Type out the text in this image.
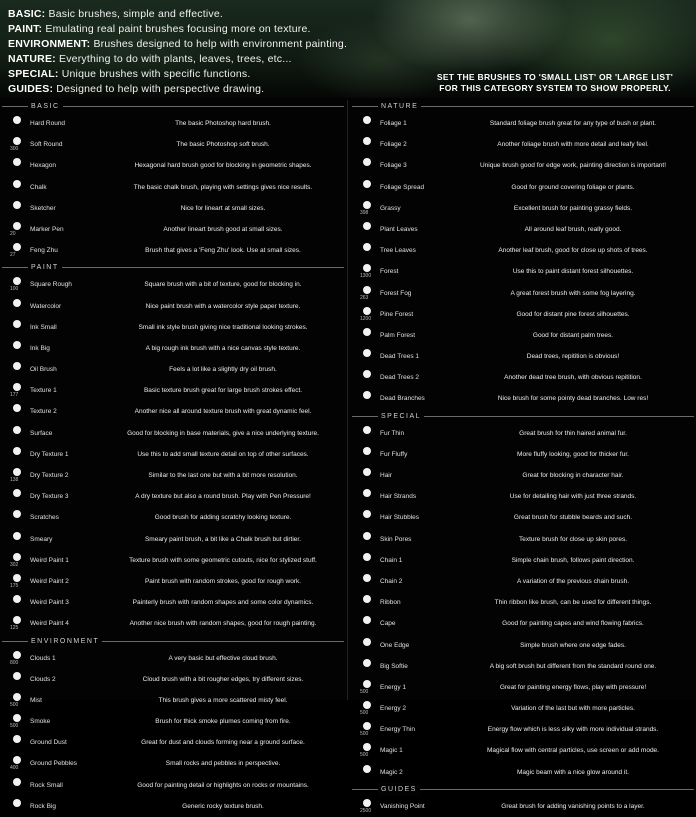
BASIC: Basic brushes, simple and effective.
PAINT: Emulating real paint brushes focusing more on texture.
ENVIRONMENT: Brushes designed to help with environment painting.
NATURE: Everything to do with plants, leaves, trees, etc...
SPECIAL: Unique brushes with specific functions.
GUIDES: Designed to help with perspective drawing.
SET THE BRUSHES TO 'SMALL LIST' OR 'LARGE LIST'
FOR THIS CATEGORY SYSTEM TO SHOW PROPERLY.
BASIC
Hard Round	The basic Photoshop hard brush.
300
Soft Round	The basic Photoshop soft brush.
Hexagon	Hexagonal hard brush good for blocking in geometric shapes.
Chalk	The basic chalk brush, playing with settings gives nice results.
Sketcher	Nice for lineart at small sizes.
20
Marker Pen	Another lineart brush good at small sizes.
27
Feng Zhu	Brush that gives a 'Feng Zhu' look. Use at small sizes.
PAINT
100
Square Rough	Square brush with a bit of texture, good for blocking in.
Watercolor	Nice paint brush with a watercolor style paper texture.
Ink Small	Small ink style brush giving nice traditional looking strokes.
Ink Big	A big rough ink brush with a nice canvas style texture.
Oil Brush	Feels a lot like a slightly dry oil brush.
177
Texture 1	Basic texture brush great for large brush strokes effect.
Texture 2	Another nice all around texture brush with great dynamic feel.
Surface	Good for blocking in base materials, give a nice underlying texture.
Dry Texture 1	Use this to add small texture detail on top of other surfaces.
138
Dry Texture 2	Similar to the last one but with a bit more resolution.
Dry Texture 3	A dry texture but also a round brush. Play with Pen Pressure!
Scratches	Good brush for adding scratchy looking texture.
Smeary	Smeary paint brush, a bit like a Chalk brush but dirtier.
302
Weird Paint 1	Texture brush with some geometric cutouts, nice for stylized stuff.
175
Weird Paint 2	Paint brush with random strokes, good for rough work.
Weird Paint 3	Painterly brush with random shapes and some color dynamics.
125
Weird Paint 4	Another nice brush with random shapes, good for rough painting.
ENVIRONMENT
800
Clouds 1	A very basic but effective cloud brush.
Clouds 2	Cloud brush with a bit rougher edges, try different sizes.
500
Mist	This brush gives a more scattered misty feel.
500
Smoke	Brush for thick smoke plumes coming from fire.
Ground Dust	Great for dust and clouds forming near a ground surface.
400
Ground Pebbles	Small rocks and pebbles in perspective.
Rock Small	Good for painting detail or highlights on rocks or mountains.
Rock Big	Generic rocky texture brush.
NATURE
Foliage 1	Standard foliage brush great for any type of bush or plant.
Foliage 2	Another foliage brush with more detail and leafy feel.
Foliage 3	Unique brush good for edge work, painting direction is important!
Foliage Spread	Good for ground covering foliage or plants.
398
Grassy	Excellent brush for painting grassy fields.
Plant Leaves	All around leaf brush, really good.
Tree Leaves	Another leaf brush, good for close up shots of trees.
1300
Forest	Use this to paint distant forest silhouettes.
263
Forest Fog	A great forest brush with some fog layering.
1200
Pine Forest	Good for distant pine forest silhouettes.
Palm Forest	Good for distant palm trees.
Dead Trees 1	Dead trees, repitition is obvious!
Dead Trees 2	Another dead tree brush, with obvious repitition.
Dead Branches	Nice brush for some pointy dead branches. Low res!
SPECIAL
Fur Thin	Great brush for thin haired animal fur.
Fur Fluffy	More fluffy looking, good for thicker fur.
Hair	Great for blocking in character hair.
Hair Strands	Use for detailing hair with just three strands.
Hair Stubbles	Great brush for stubble beards and such.
Skin Pores	Texture brush for close up skin pores.
Chain 1	Simple chain brush, follows paint direction.
Chain 2	A variation of the previous chain brush.
Ribbon	Thin ribbon like brush, can be used for different things.
Cape	Good for painting capes and wind flowing fabrics.
One Edge	Simple brush where one edge fades.
Big Softie	A big soft brush but different from the standard round one.
500
Energy 1	Great for painting energy flows, play with pressure!
500
Energy 2	Variation of the last but with more particles.
500
Energy Thin	Energy flow which is less silky with more individual strands.
500
Magic 1	Magical flow with central particles, use screen or add mode.
Magic 2	Magic beam with a nice glow around it.
GUIDES
2500
Vanishing Point	Great brush for adding vanishing points to a layer.
